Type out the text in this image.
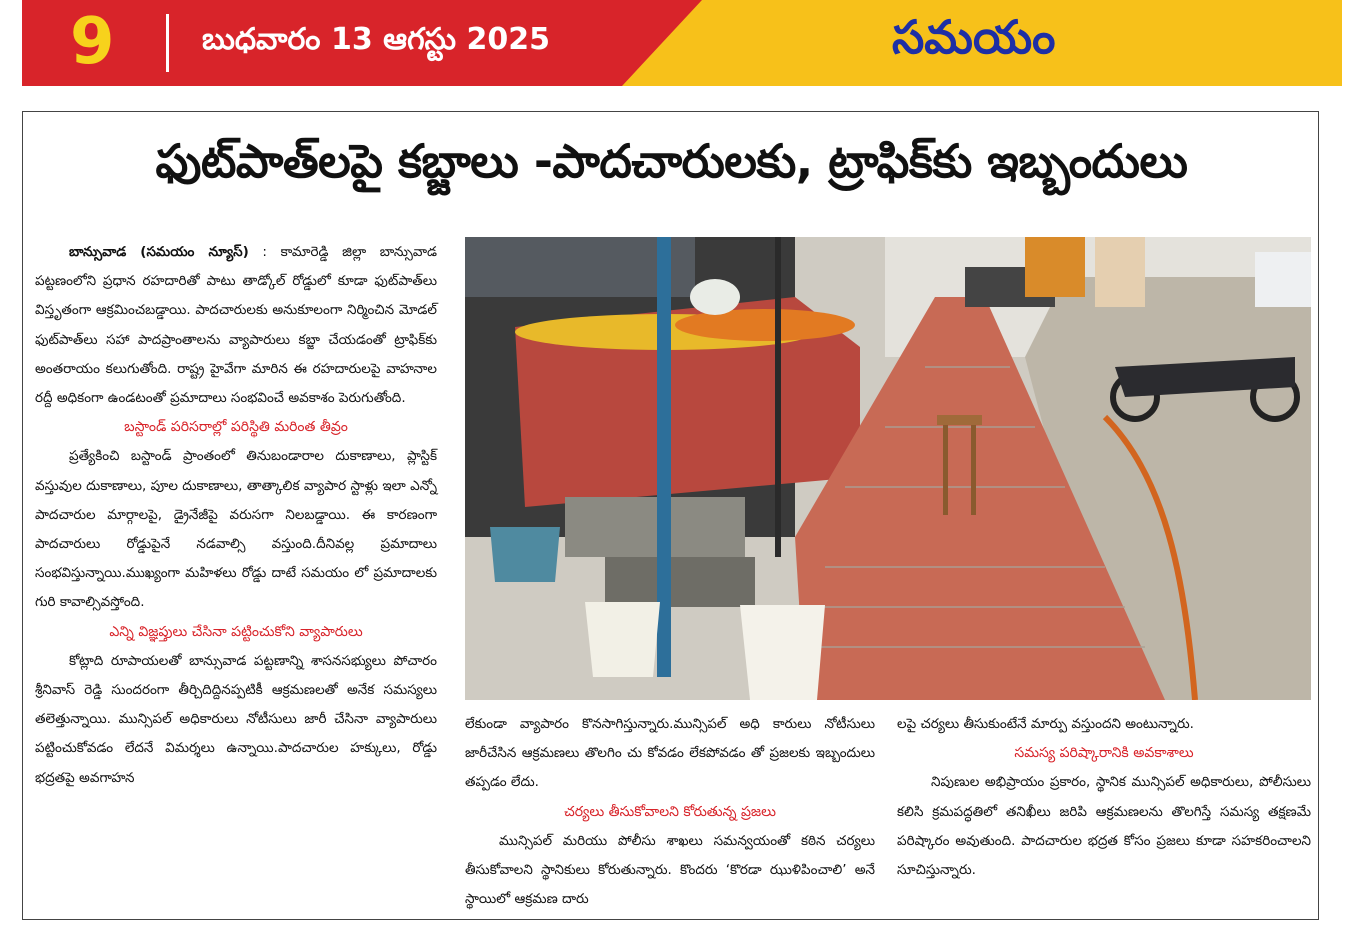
9	బుధవారం 13 ఆగస్టు 2025	సమయం
ఫుట్‌పాత్‌లపై కబ్జాలు -పాదచారులకు, ట్రాఫిక్‌కు ఇబ్బందులు

బాన్సువాడ (సమయం న్యూస్) : కామారెడ్డి జిల్లా బాన్సువాడ పట్టణంలోని ప్రధాన రహదారితో పాటు తాడ్కోల్ రోడ్డులో కూడా ఫుట్‌పాత్‌లు విస్తృతంగా ఆక్రమించబడ్డాయి. పాదచారులకు అనుకూలంగా నిర్మించిన మోడల్ ఫుట్‌పాత్‌లు సహా పాదప్రాంతాలను వ్యాపారులు కబ్జా చేయడంతో ట్రాఫిక్‌కు అంతరాయం కలుగుతోంది. రాష్ట్ర హైవేగా మారిన ఈ రహదారులపై వాహనాల రద్దీ అధికంగా ఉండటంతో ప్రమాదాలు సంభవించే అవకాశం పెరుగుతోంది.

బస్టాండ్ పరిసరాల్లో పరిస్థితి మరింత తీవ్రం

ప్రత్యేకించి బస్టాండ్ ప్రాంతంలో తినుబండారాల దుకాణాలు, ప్లాస్టిక్ వస్తువుల దుకాణాలు, పూల దుకాణాలు, తాత్కాలిక వ్యాపార స్టాళ్లు ఇలా ఎన్నో పాదచారుల మార్గాలపై, డ్రైనేజీపై వరుసగా నిలబడ్డాయి. ఈ కారణంగా పాదచారులు రోడ్డుపైనే నడవాల్సి వస్తుంది.దీనివల్ల ప్రమాదాలు సంభవిస్తున్నాయి.ముఖ్యంగా మహిళలు రోడ్డు దాటే సమయం లో ప్రమాదాలకు గురి కావాల్సివస్తోంది.

ఎన్ని విజ్ఞప్తులు చేసినా పట్టించుకోని వ్యాపారులు

కోట్లాది రూపాయలతో బాన్సువాడ పట్టణాన్ని శాసనసభ్యులు పోచారం శ్రీనివాస్ రెడ్డి సుందరంగా తీర్చిదిద్దినప్పటికీ ఆక్రమణలతో అనేక సమస్యలు తలెత్తున్నాయి. మున్సిపల్ అధికారులు నోటీసులు జారీ చేసినా వ్యాపారులు పట్టించుకోవడం లేదనే విమర్శలు ఉన్నాయి.పాదచారుల హక్కులు, రోడ్డు భద్రతపై అవగాహన

లేకుండా వ్యాపారం కొనసాగిస్తున్నారు.మున్సిపల్ అధి కారులు నోటీసులు జారీచేసిన ఆక్రమణలు తొలగిం చు కోవడం లేకపోవడం తో ప్రజలకు ఇబ్బందులు తప్పడం లేదు.

చర్యలు తీసుకోవాలని కోరుతున్న ప్రజలు

మున్సిపల్ మరియు పోలీసు శాఖలు సమన్వయంతో కఠిన చర్యలు తీసుకోవాలని స్థానికులు కోరుతున్నారు. కొందరు ‘కొరడా ఝుళిపించాలి’ అనే స్థాయిలో ఆక్రమణ దారు

లపై చర్యలు తీసుకుంటేనే మార్పు వస్తుందని అంటున్నారు.

సమస్య పరిష్కారానికి అవకాశాలు

నిపుణుల అభిప్రాయం ప్రకారం, స్థానిక మున్సిపల్ అధికారులు, పోలీసులు కలిసి క్రమపద్ధతిలో తనిఖీలు జరిపి ఆక్రమణలను తొలగిస్తే సమస్య తక్షణమే పరిష్కారం అవుతుంది. పాదచారుల భద్రత కోసం ప్రజలు కూడా సహకరించాలని సూచిస్తున్నారు.
